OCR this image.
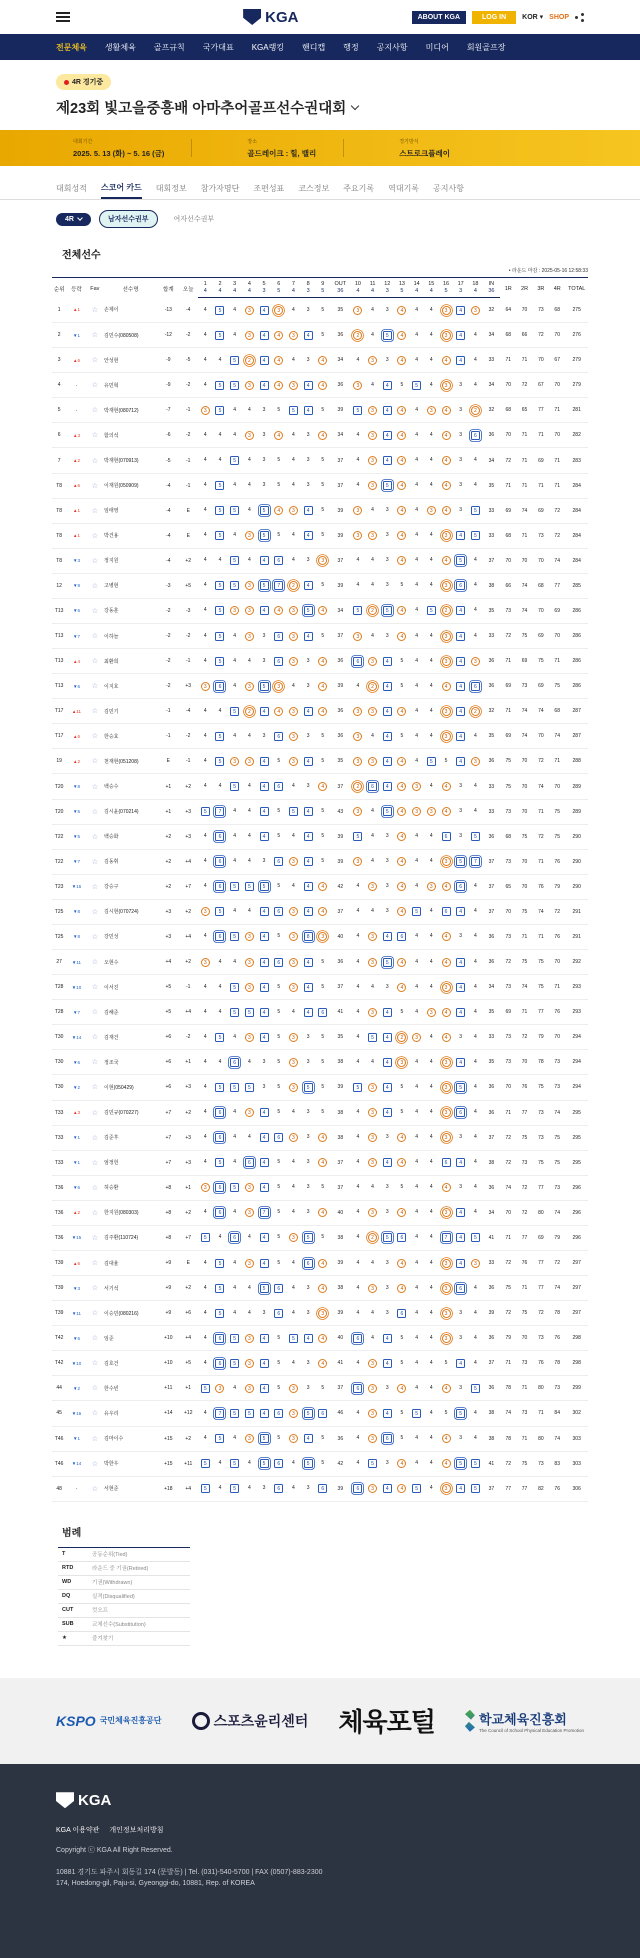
KGA	ABOUT KGA	LOG IN	KOR ▾ SHOP
전문체육 생활체육 골프규칙 국가대표 KGA랭킹 핸디캡 행정 공지사항 미디어 회원골프장
4R 경기중
제23회 빛고을중흥배 아마추어골프선수권대회
대회기간
2025. 5. 13 (화) ~ 5. 16 (금)
장소
골드레이크 : 힐, 밸리
경기방식
스트로크플레이
대회성적 스코어 카드 대회정보 참가자명단 조편성표 코스정보 주요기록 역대기록 공지사항
4R	남자선수권부	여자선수권부
전체선수
• 라운드 마감 : 2025-05-16 12:58:33
순위	등락	Fav	선수명	합계	오늘	1	2	3	4	5	6	7	8	9	OUT	10	11	12	13	14	15	16	17	18	IN	1R	2R	3R	4R	TOTAL
						4	4	4	4	3	5	4	3	5	36	4	4	3	5	4	4	5	3	4	36					
1	▲1	☆	손제이	-13	-4	4	5	4	3	4	3	4	3	5	35	3	4	3	4	4	4	3	4	3	32	64	70	73	68	275
2	▼1	☆	김민수(080508)	-12	-2	4	5	4	3	4	4	3	4	5	36	2	4	5	4	4	4	3	4	4	34	68	66	72	70	276
3	▲6	☆	안성현	-9	-5	4	4	5	2	4	4	4	3	4	34	4	3	3	4	4	4	4	4	4	33	71	71	70	67	279
4	-	☆	유민혁	-9	-2	4	5	5	3	4	4	3	4	4	36	3	4	4	5	5	4	3	3	4	34	70	72	67	70	279
5	-	☆	박재현(080712)	-7	-1	3	5	4	4	3	5	5	4	5	39	5	3	4	4	4	3	4	3	2	32	68	65	77	71	281
6	▲3	☆	함의석	-6	-2	4	4	4	3	3	4	4	3	4	34	4	3	4	4	4	4	4	3	6	36	70	71	71	70	282
7	▲2	☆	박재현(070913)	-5	-1	4	4	5	4	3	5	4	3	5	37	4	3	4	4	4	4	4	3	4	34	72	71	69	71	283
T8	▲6	☆	이재원(050909)	-4	-1	4	5	4	4	3	5	4	3	5	37	4	3	5	4	4	4	4	3	4	35	71	71	71	71	284
T8	▲1	☆	임태영	-4	E	4	5	5	4	5	4	3	4	5	39	3	4	3	4	4	3	4	3	5	33	69	74	69	72	284
T8	▲1	☆	박건용	-4	E	4	5	4	3	5	5	4	4	5	39	3	3	3	4	4	4	3	4	5	33	68	71	73	72	284
T8	▼3	☆	정지원	-4	+2	4	4	5	4	4	6	4	3	3	37	4	4	3	4	4	4	4	5	4	37	70	70	70	74	284
12	▼9	☆	고병현	-3	+5	4	5	5	3	5	7	2	4	5	39	4	4	3	5	4	4	3	6	4	38	66	74	68	77	285
T13	▼6	☆	강동훈	-2	-3	4	5	3	3	4	4	3	5	4	34	5	2	5	4	4	5	2	4	4	35	73	74	70	69	286
T13	▼7	☆	이하늘	-2	-2	4	5	4	3	3	6	3	4	5	37	3	4	3	4	4	4	3	4	4	33	72	75	69	70	286
T13	▲4	☆	최환희	-2	-1	4	5	4	4	3	6	3	3	4	36	6	3	4	5	4	4	3	4	3	36	71	69	75	71	286
T13	▼6	☆	이지호	-2	+3	3	6	4	3	5	3	4	3	4	39	4	2	4	5	4	4	4	4	6	36	69	73	69	75	286
T17	▲11	☆	김민기	-1	-4	4	4	5	2	4	4	3	4	4	36	3	3	4	4	4	4	3	4	2	32	71	74	74	68	287
T17	▲6	☆	한승효	-1	-2	4	5	4	4	3	6	3	3	5	36	3	4	4	5	4	4	3	4	4	35	69	74	70	74	287
19	▲2	☆	천재현(051208)	E	-1	4	5	3	3	4	5	3	4	5	35	3	3	4	4	4	5	5	4	3	36	75	70	72	71	288
T20	▼8	☆	백승수	+1	+2	4	4	5	4	4	6	4	3	4	37	2	6	4	4	3	4	4	3	4	33	75	70	74	70	289
T20	▼5	☆	김시윤(070214)	+1	+3	5	7	4	4	4	5	5	4	5	43	3	4	5	4	3	3	4	3	4	33	73	70	71	75	289
T22	▼5	☆	백승화	+2	+3	4	6	4	4	4	5	4	4	5	39	5	4	3	4	4	4	6	3	5	36	68	75	72	75	290
T22	▼7	☆	김동휘	+2	+4	4	6	4	4	3	6	3	4	5	39	3	4	3	4	4	4	3	5	7	37	73	70	71	76	290
T23	▼15	☆	강승구	+2	+7	4	6	5	5	5	5	4	4	4	42	4	3	3	4	4	3	4	6	4	37	65	70	76	79	290
T25	▼8	☆	김시현(070724)	+3	+2	3	5	4	4	4	6	3	4	4	37	4	4	3	4	5	4	6	4	4	37	70	75	74	72	291
T25	▼8	☆	강민성	+3	+4	4	6	5	3	4	5	3	8	3	40	4	3	4	6	4	4	4	3	4	36	73	71	71	76	291
27	▼11	☆	오현수	+4	+2	3	4	4	3	4	6	3	4	5	36	4	3	5	4	4	4	4	4	4	36	72	75	75	70	292
T28	▼10	☆	이서진	+5	-1	4	4	5	3	4	5	3	4	5	37	4	4	3	4	4	4	3	4	4	34	73	74	75	71	293
T28	▼7	☆	김해준	+5	+4	4	4	5	5	4	5	4	4	6	41	4	3	4	5	4	3	4	4	4	35	69	71	77	76	293
T30	▼14	☆	김재건	+6	-2	4	5	4	3	4	5	3	3	5	35	4	5	4	2	3	4	4	3	4	33	73	72	79	70	294
T30	▼6	☆	정조국	+6	+1	4	4	6	4	3	5	3	3	5	38	4	4	4	3	4	4	3	4	4	35	73	70	78	73	294
T30	▼2	☆	이현(050429)	+6	+3	4	5	5	5	3	5	3	5	5	39	5	3	4	5	4	4	3	5	4	36	70	76	75	73	294
T33	▲3	☆	김민규(070227)	+7	+2	4	6	4	3	4	5	4	3	5	38	4	3	4	5	4	4	3	6	4	36	71	77	73	74	295
T33	▼1	☆	김준후	+7	+3	4	6	4	4	4	6	3	3	4	38	4	3	3	4	4	4	3	3	4	37	72	75	73	75	295
T33	▼1	☆	엄정헌	+7	+3	4	5	4	6	4	5	4	3	4	37	4	3	4	4	4	4	6	4	4	38	72	73	75	75	295
T36	▼6	☆	허승환	+8	+1	3	6	5	3	4	5	4	3	5	37	4	4	3	5	4	4	4	3	4	36	74	72	77	73	296
T36	▲2	☆	한지원(080303)	+8	+2	4	6	4	3	7	5	4	3	4	40	4	3	3	4	4	4	3	4	4	34	70	72	80	74	296
T36	▼15	☆	김주환(110724)	+8	+7	5	4	6	4	4	5	3	5	5	38	4	2	5	6	4	4	7	4	5	41	71	77	69	79	296
T39	▲6	☆	김대율	+9	E	4	5	4	3	4	5	4	6	4	39	4	4	3	4	4	4	3	4	3	33	72	76	77	72	297
T39	▼3	☆	서기석	+9	+2	4	5	4	4	5	6	4	3	4	38	4	3	3	4	4	4	3	6	4	36	75	71	77	74	297
T39	▼11	☆	이승민(080216)	+9	+6	4	5	4	4	3	6	4	3	3	39	4	4	3	6	4	4	3	3	4	39	72	75	72	78	297
T42	▼6	☆	임준	+10	+4	4	6	5	3	4	5	5	4	4	40	6	4	4	5	4	4	3	3	4	36	79	70	73	76	298
T42	▼10	☆	김호건	+10	+5	4	6	5	3	4	5	4	3	4	41	4	3	4	5	4	4	5	4	4	37	71	73	76	78	298
44	▼2	☆	한수빈	+11	+1	5	3	4	3	4	5	3	3	5	37	6	3	3	4	4	4	4	3	5	36	78	71	80	73	299
45	▼16	☆	유우리	+14	+12	4	7	5	5	4	6	3	5	6	46	4	3	4	5	5	4	5	5	4	38	74	73	71	84	302
T46	▼1	☆	김마이수	+15	+2	4	5	4	3	5	5	3	4	5	36	4	3	6	5	4	4	4	3	4	38	78	71	80	74	303
T46	▼14	☆	박한우	+15	+11	5	4	5	4	5	6	4	5	5	42	4	5	3	4	4	4	4	5	5	41	72	75	73	83	303
48	-	☆	서현준	+18	+4	5	4	5	4	3	6	4	3	6	39	6	3	4	4	5	4	3	4	5	37	77	77	82	76	306
범례
T	공동순위(Tied)
RTD	라운드 중 기권(Retired)
WD	기권(Withdrawn)
DQ	실격(Disqualified)
CUT	컷오프
SUB	교체선수(Substitution)
★	즐겨찾기
KSPO 국민체육진흥공단	스포츠윤리센터 체육포털	학교체육진흥회
The Council of School Physical Education Promotion
KGA
KGA 이용약관 개인정보처리방침
Copyright ⓒ KGA All Right Reserved.
10881 경기도 파주시 회동길 174 (문발동) | Tel. (031)-540-5700 | FAX (0507)-883-2300
174, Hoedong-gil, Paju-si, Gyeonggi-do, 10881, Rep. of KOREA
